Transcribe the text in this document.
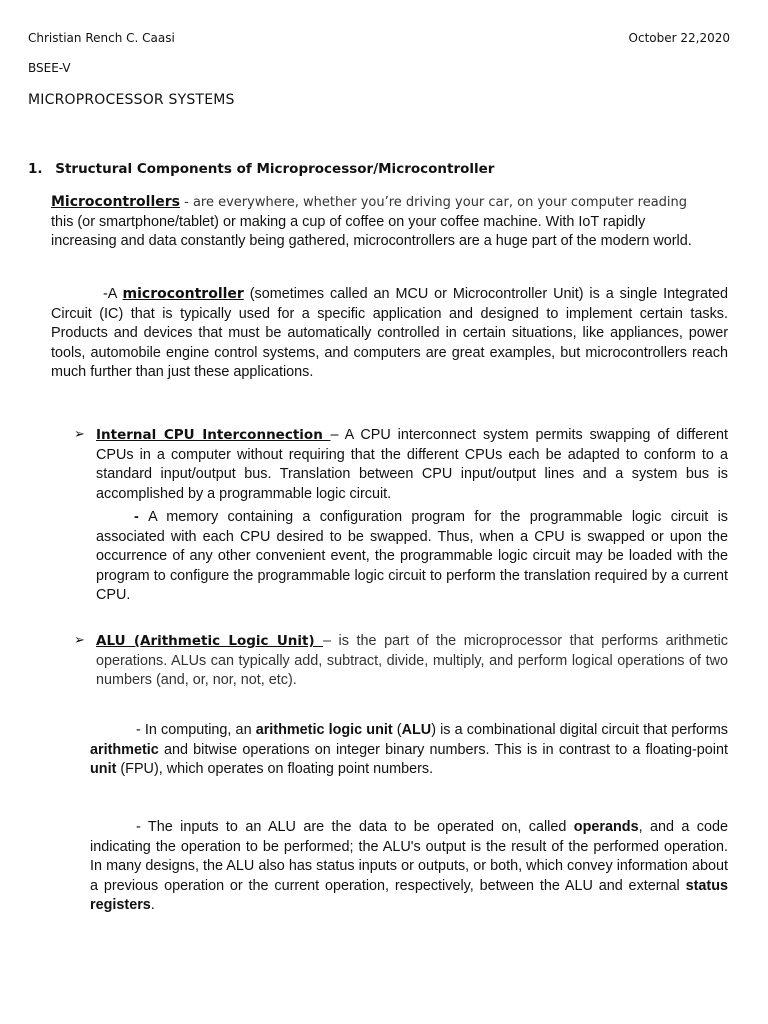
Christian Rench C. Caasi	October 22,2020
BSEE-V
MICROPROCESSOR SYSTEMS
1. Structural Components of Microprocessor/Microcontroller
Microcontrollers - are everywhere, whether you’re driving your car, on your computer reading
this (or smartphone/tablet) or making a cup of coffee on your coffee machine. With IoT rapidly increasing and data constantly being gathered, microcontrollers are a huge part of the modern world.
-A microcontroller (sometimes called an MCU or Microcontroller Unit) is a single Integrated Circuit (IC) that is typically used for a specific application and designed to implement certain tasks. Products and devices that must be automatically controlled in certain situations, like appliances, power tools, automobile engine control systems, and computers are great examples, but microcontrollers reach much further than just these applications.
➢ Internal CPU Interconnection – A CPU interconnect system permits swapping of different CPUs in a computer without requiring that the different CPUs each be adapted to conform to a standard input/output bus. Translation between CPU input/output lines and a system bus is accomplished by a programmable logic circuit.
- A memory containing a configuration program for the programmable logic circuit is associated with each CPU desired to be swapped. Thus, when a CPU is swapped or upon the occurrence of any other convenient event, the programmable logic circuit may be loaded with the program to configure the programmable logic circuit to perform the translation required by a current CPU.
➢ ALU (Arithmetic Logic Unit) – is the part of the microprocessor that performs arithmetic operations. ALUs can typically add, subtract, divide, multiply, and perform logical operations of two numbers (and, or, nor, not, etc).
- In computing, an arithmetic logic unit (ALU) is a combinational digital circuit that performs arithmetic and bitwise operations on integer binary numbers. This is in contrast to a floating-point unit (FPU), which operates on floating point numbers.
- The inputs to an ALU are the data to be operated on, called operands, and a code indicating the operation to be performed; the ALU's output is the result of the performed operation. In many designs, the ALU also has status inputs or outputs, or both, which convey information about a previous operation or the current operation, respectively, between the ALU and external status registers.
